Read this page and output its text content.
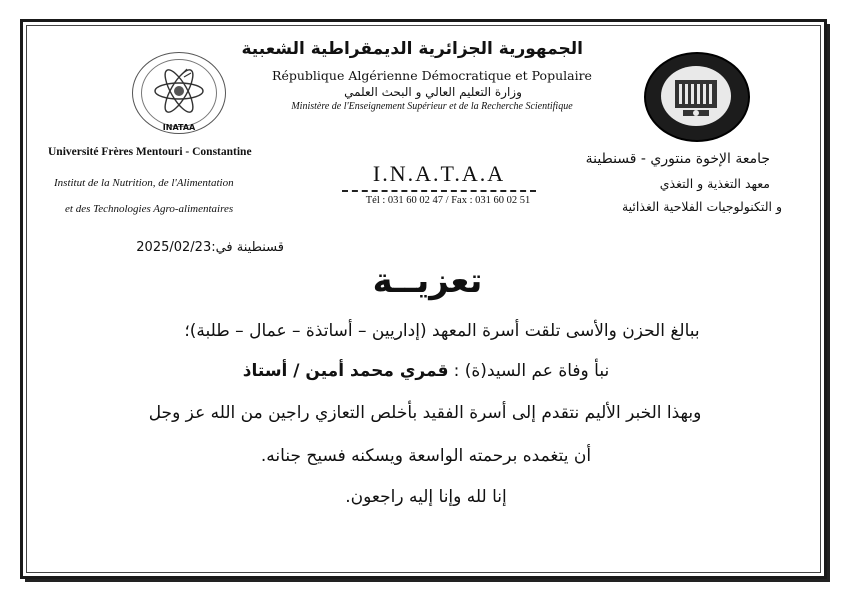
INATAA
الجمهورية الجزائرية الديمقراطية الشعبية
République Algérienne Démocratique et Populaire
وزارة التعليم العالي و البحث العلمي
Ministère de l'Enseignement Supérieur et de la Recherche Scientifique
Université Frères Mentouri - Constantine
Institut de la Nutrition, de l'Alimentation
et des Technologies Agro-alimentaires
I.N.A.T.A.A
Tél : 031 60 02 47 / Fax : 031 60 02 51
جامعة الإخوة منتوري - قسنطينة
معهد التغذية و التغذي
و التكنولوجيات الفلاحية الغذائية
قسنطينة في:2025/02/23
تعزيــة
ببالغ الحزن والأسى تلقت أسرة المعهد (إداريين – أساتذة – عمال – طلبة)؛
نبأ وفاة عم السيد(ة) : قمري محمد أمين / أستاذ
وبهذا الخبر الأليم نتقدم إلى أسرة الفقيد بأخلص التعازي راجين من الله عز وجل
أن يتغمده برحمته الواسعة ويسكنه فسيح جنانه.
إنا لله وإنا إليه راجعون.
